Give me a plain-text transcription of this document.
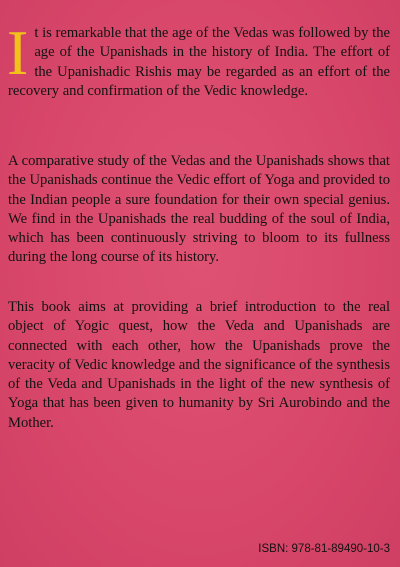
It is remarkable that the age of the Vedas was followed by the age of the Upanishads in the history of India. The effort of the Upanishadic Rishis may be regarded as an effort of the recovery and confirmation of the Vedic knowledge.

A comparative study of the Vedas and the Upanishads shows that the Upanishads continue the Vedic effort of Yoga and provided to the Indian people a sure foundation for their own special genius. We find in the Upanishads the real budding of the soul of India, which has been continuously striving to bloom to its fullness during the long course of its history.

This book aims at providing a brief introduction to the real object of Yogic quest, how the Veda and Upanishads are connected with each other, how the Upanishads prove the veracity of Vedic knowledge and the significance of the synthesis of the Veda and Upanishads in the light of the new synthesis of Yoga that has been given to humanity by Sri Aurobindo and the Mother.

ISBN: 978-81-89490-10-3
